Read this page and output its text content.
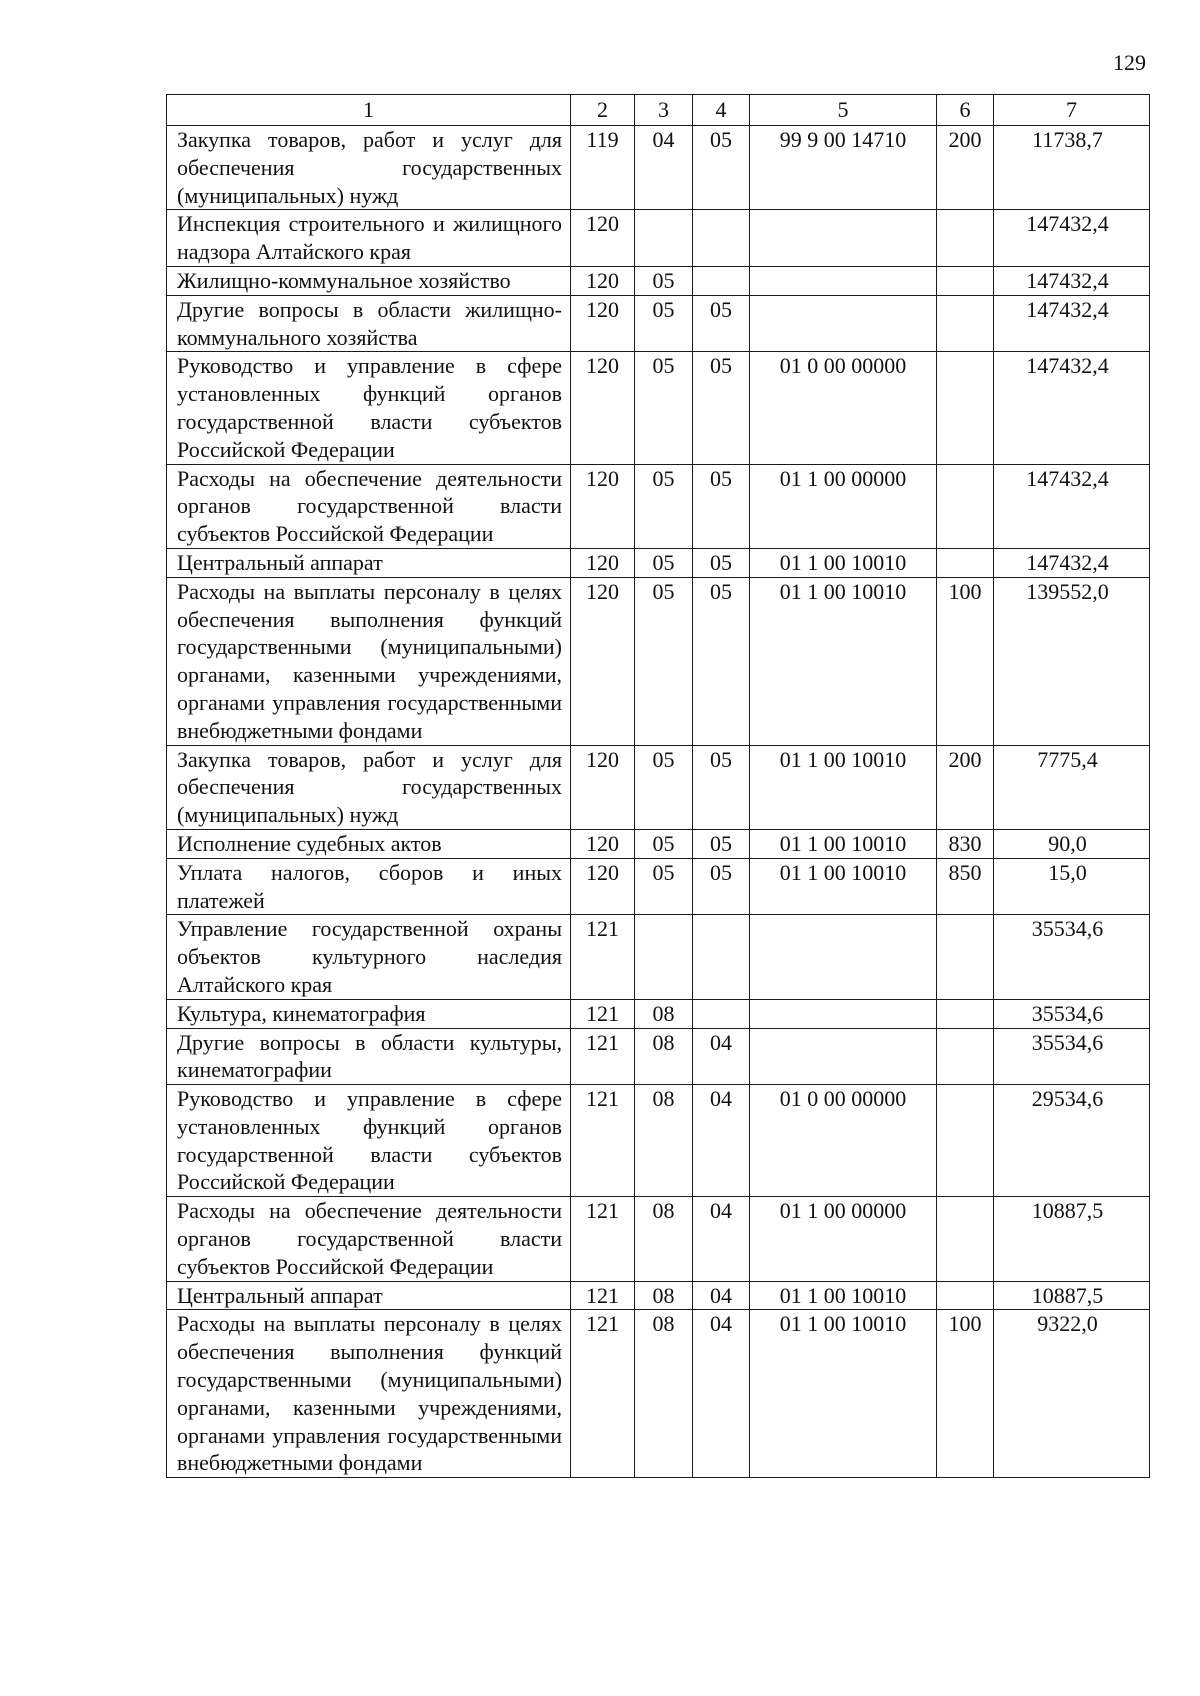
129
1	2	3	4	5	6	7
Закупка товаров, работ и услуг для обеспечения государственных (муниципальных) нужд	119	04	05	99 9 00 14710	200	11738,7
Инспекция строительного и жилищного надзора Алтайского края	120					147432,4
Жилищно-коммунальное хозяйство	120	05				147432,4
Другие вопросы в области жилищно-коммунального хозяйства	120	05	05			147432,4
Руководство и управление в сфере установленных функций органов государственной власти субъектов Российской Федерации	120	05	05	01 0 00 00000		147432,4
Расходы на обеспечение деятельности органов государственной власти субъектов Российской Федерации	120	05	05	01 1 00 00000		147432,4
Центральный аппарат	120	05	05	01 1 00 10010		147432,4
Расходы на выплаты персоналу в целях обеспечения выполнения функций государственными (муниципальными) органами, казенными учреждениями, органами управления государственными внебюджетными фондами	120	05	05	01 1 00 10010	100	139552,0
Закупка товаров, работ и услуг для обеспечения государственных (муниципальных) нужд	120	05	05	01 1 00 10010	200	7775,4
Исполнение судебных актов	120	05	05	01 1 00 10010	830	90,0
Уплата налогов, сборов и иных платежей	120	05	05	01 1 00 10010	850	15,0
Управление государственной охраны объектов культурного наследия Алтайского края	121					35534,6
Культура, кинематография	121	08				35534,6
Другие вопросы в области культуры, кинематографии	121	08	04			35534,6
Руководство и управление в сфере установленных функций органов государственной власти субъектов Российской Федерации	121	08	04	01 0 00 00000		29534,6
Расходы на обеспечение деятельности органов государственной власти субъектов Российской Федерации	121	08	04	01 1 00 00000		10887,5
Центральный аппарат	121	08	04	01 1 00 10010		10887,5
Расходы на выплаты персоналу в целях обеспечения выполнения функций государственными (муниципальными) органами, казенными учреждениями, органами управления государственными внебюджетными фондами	121	08	04	01 1 00 10010	100	9322,0
